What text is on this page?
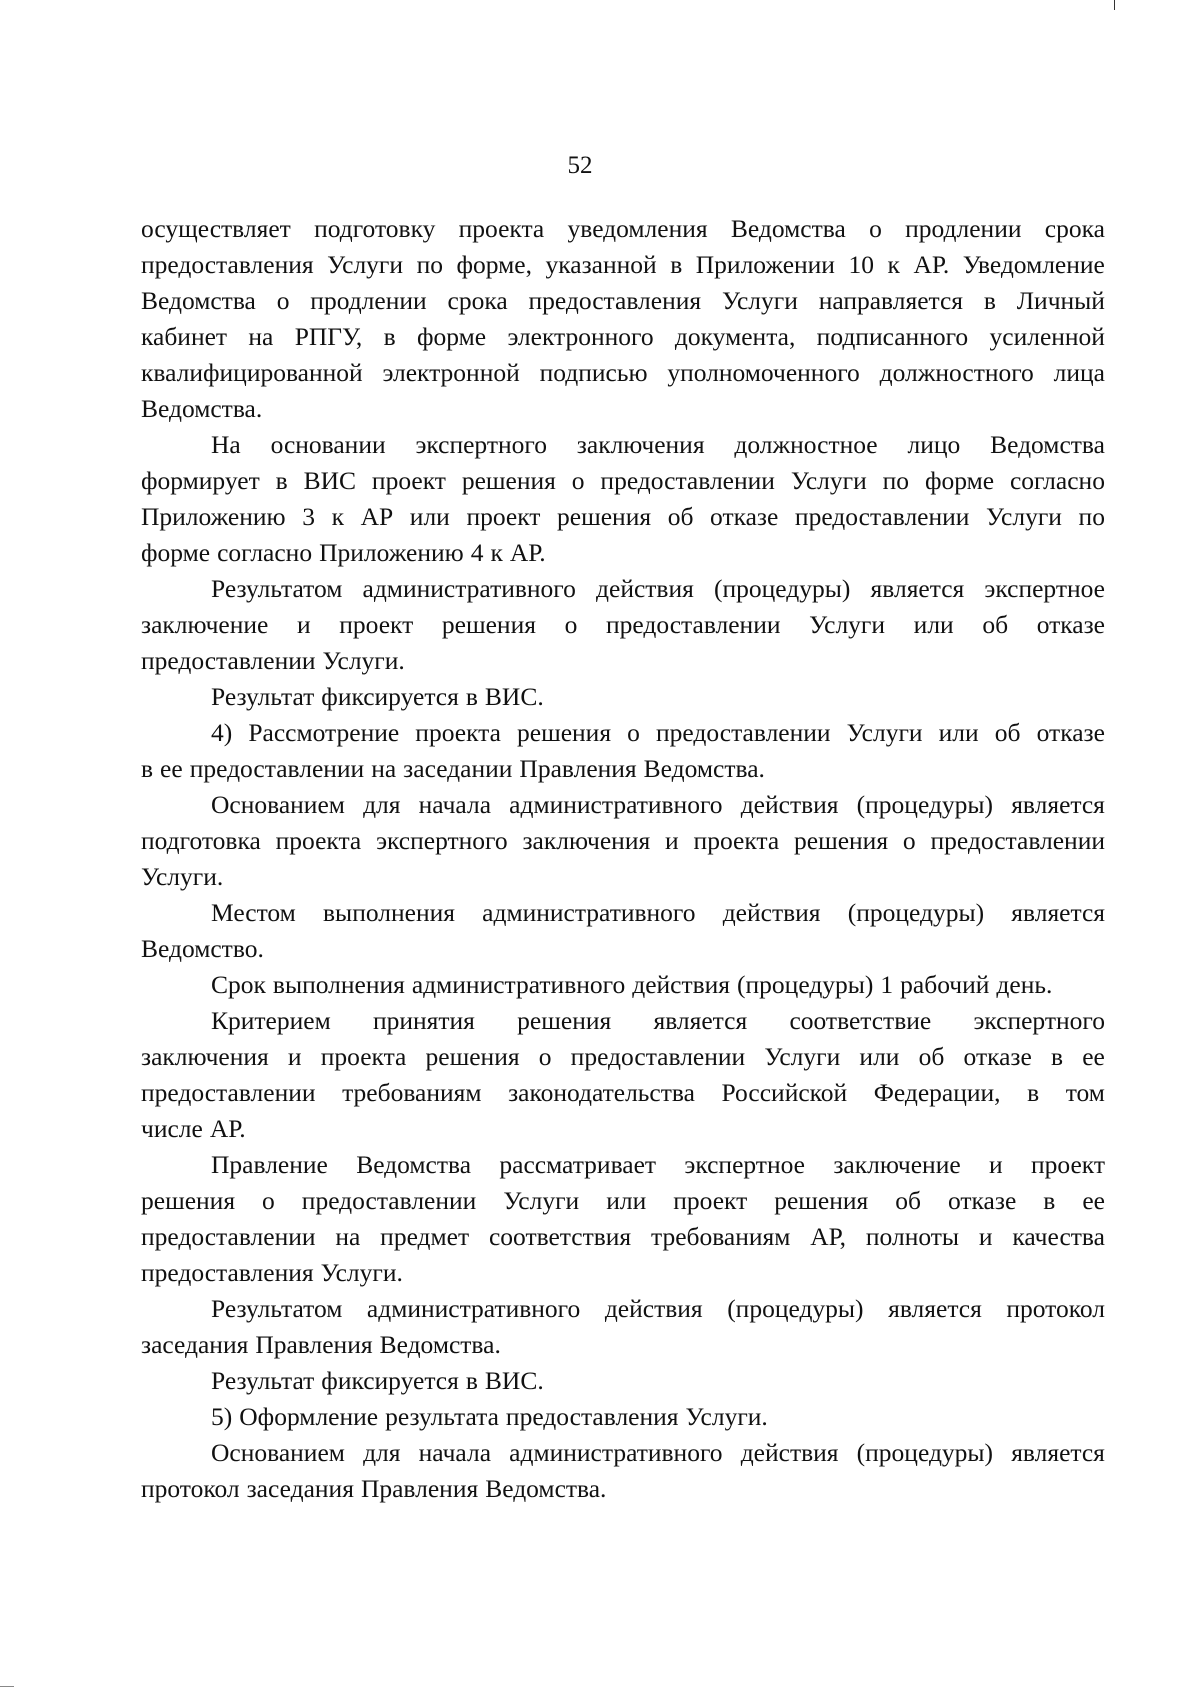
52
осуществляет подготовку проекта уведомления Ведомства о продлении срока
предоставления Услуги по форме, указанной в Приложении 10 к АР. Уведомление
Ведомства о продлении срока предоставления Услуги направляется в Личный
кабинет на РПГУ, в форме электронного документа, подписанного усиленной
квалифицированной электронной подписью уполномоченного должностного лица
Ведомства.
На основании экспертного заключения должностное лицо Ведомства
формирует в ВИС проект решения о предоставлении Услуги по форме согласно
Приложению 3 к АР или проект решения об отказе предоставлении Услуги по
форме согласно Приложению 4 к АР.
Результатом административного действия (процедуры) является экспертное
заключение и проект решения о предоставлении Услуги или об отказе
предоставлении Услуги.
Результат фиксируется в ВИС.
4) Рассмотрение проекта решения о предоставлении Услуги или об отказе
в ее предоставлении на заседании Правления Ведомства.
Основанием для начала административного действия (процедуры) является
подготовка проекта экспертного заключения и проекта решения о предоставлении
Услуги.
Местом выполнения административного действия (процедуры) является
Ведомство.
Срок выполнения административного действия (процедуры) 1 рабочий день.
Критерием принятия решения является соответствие экспертного
заключения и проекта решения о предоставлении Услуги или об отказе в ее
предоставлении требованиям законодательства Российской Федерации, в том
числе АР.
Правление Ведомства рассматривает экспертное заключение и проект
решения о предоставлении Услуги или проект решения об отказе в ее
предоставлении на предмет соответствия требованиям АР, полноты и качества
предоставления Услуги.
Результатом административного действия (процедуры) является протокол
заседания Правления Ведомства.
Результат фиксируется в ВИС.
5) Оформление результата предоставления Услуги.
Основанием для начала административного действия (процедуры) является
протокол заседания Правления Ведомства.
